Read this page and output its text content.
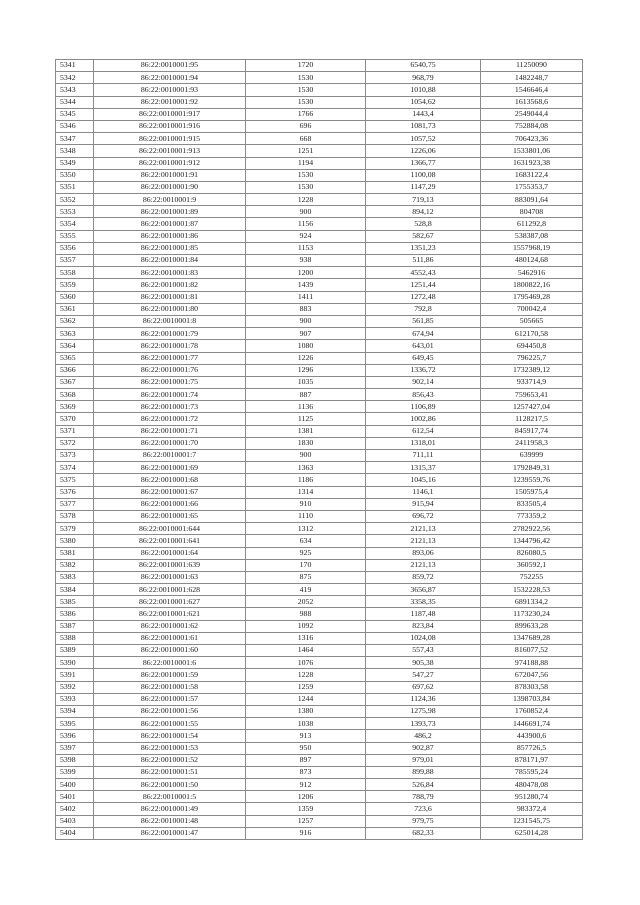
5341	86:22:0010001:95	1720	6540,75	11250090
5342	86:22:0010001:94	1530	968,79	1482248,7
5343	86:22:0010001:93	1530	1010,88	1546646,4
5344	86:22:0010001:92	1530	1054,62	1613568,6
5345	86:22:0010001:917	1766	1443,4	2549044,4
5346	86:22:0010001:916	696	1081,73	752884,08
5347	86:22:0010001:915	668	1057,52	706423,36
5348	86:22:0010001:913	1251	1226,06	1533801,06
5349	86:22:0010001:912	1194	1366,77	1631923,38
5350	86:22:0010001:91	1530	1100,08	1683122,4
5351	86:22:0010001:90	1530	1147,29	1755353,7
5352	86:22:0010001:9	1228	719,13	883091,64
5353	86:22:0010001:89	900	894,12	804708
5354	86:22:0010001:87	1156	528,8	611292,8
5355	86:22:0010001:86	924	582,67	538387,08
5356	86:22:0010001:85	1153	1351,23	1557968,19
5357	86:22:0010001:84	938	511,86	480124,68
5358	86:22:0010001:83	1200	4552,43	5462916
5359	86:22:0010001:82	1439	1251,44	1800822,16
5360	86:22:0010001:81	1411	1272,48	1795469,28
5361	86:22:0010001:80	883	792,8	700042,4
5362	86:22:0010001:8	900	561,85	505665
5363	86:22:0010001:79	907	674,94	612170,58
5364	86:22:0010001:78	1080	643,01	694450,8
5365	86:22:0010001:77	1226	649,45	796225,7
5366	86:22:0010001:76	1296	1336,72	1732389,12
5367	86:22:0010001:75	1035	902,14	933714,9
5368	86:22:0010001:74	887	856,43	759653,41
5369	86:22:0010001:73	1136	1106,89	1257427,04
5370	86:22:0010001:72	1125	1002,86	1128217,5
5371	86:22:0010001:71	1381	612,54	845917,74
5372	86:22:0010001:70	1830	1318,01	2411958,3
5373	86:22:0010001:7	900	711,11	639999
5374	86:22:0010001:69	1363	1315,37	1792849,31
5375	86:22:0010001:68	1186	1045,16	1239559,76
5376	86:22:0010001:67	1314	1146,1	1505975,4
5377	86:22:0010001:66	910	915,94	833505,4
5378	86:22:0010001:65	1110	696,72	773359,2
5379	86:22:0010001:644	1312	2121,13	2782922,56
5380	86:22:0010001:641	634	2121,13	1344796,42
5381	86:22:0010001:64	925	893,06	826080,5
5382	86:22:0010001:639	170	2121,13	360592,1
5383	86:22:0010001:63	875	859,72	752255
5384	86:22:0010001:628	419	3656,87	1532228,53
5385	86:22:0010001:627	2052	3358,35	6891334,2
5386	86:22:0010001:621	988	1187,48	1173230,24
5387	86:22:0010001:62	1092	823,84	899633,28
5388	86:22:0010001:61	1316	1024,08	1347689,28
5389	86:22:0010001:60	1464	557,43	816077,52
5390	86:22:0010001:6	1076	905,38	974188,88
5391	86:22:0010001:59	1228	547,27	672047,56
5392	86:22:0010001:58	1259	697,62	878303,58
5393	86:22:0010001:57	1244	1124,36	1398703,84
5394	86:22:0010001:56	1380	1275,98	1760852,4
5395	86:22:0010001:55	1038	1393,73	1446691,74
5396	86:22:0010001:54	913	486,2	443900,6
5397	86:22:0010001:53	950	902,87	857726,5
5398	86:22:0010001:52	897	979,01	878171,97
5399	86:22:0010001:51	873	899,88	785595,24
5400	86:22:0010001:50	912	526,84	480478,08
5401	86:22:0010001:5	1206	788,79	951280,74
5402	86:22:0010001:49	1359	723,6	983372,4
5403	86:22:0010001:48	1257	979,75	1231545,75
5404	86:22:0010001:47	916	682,33	625014,28
